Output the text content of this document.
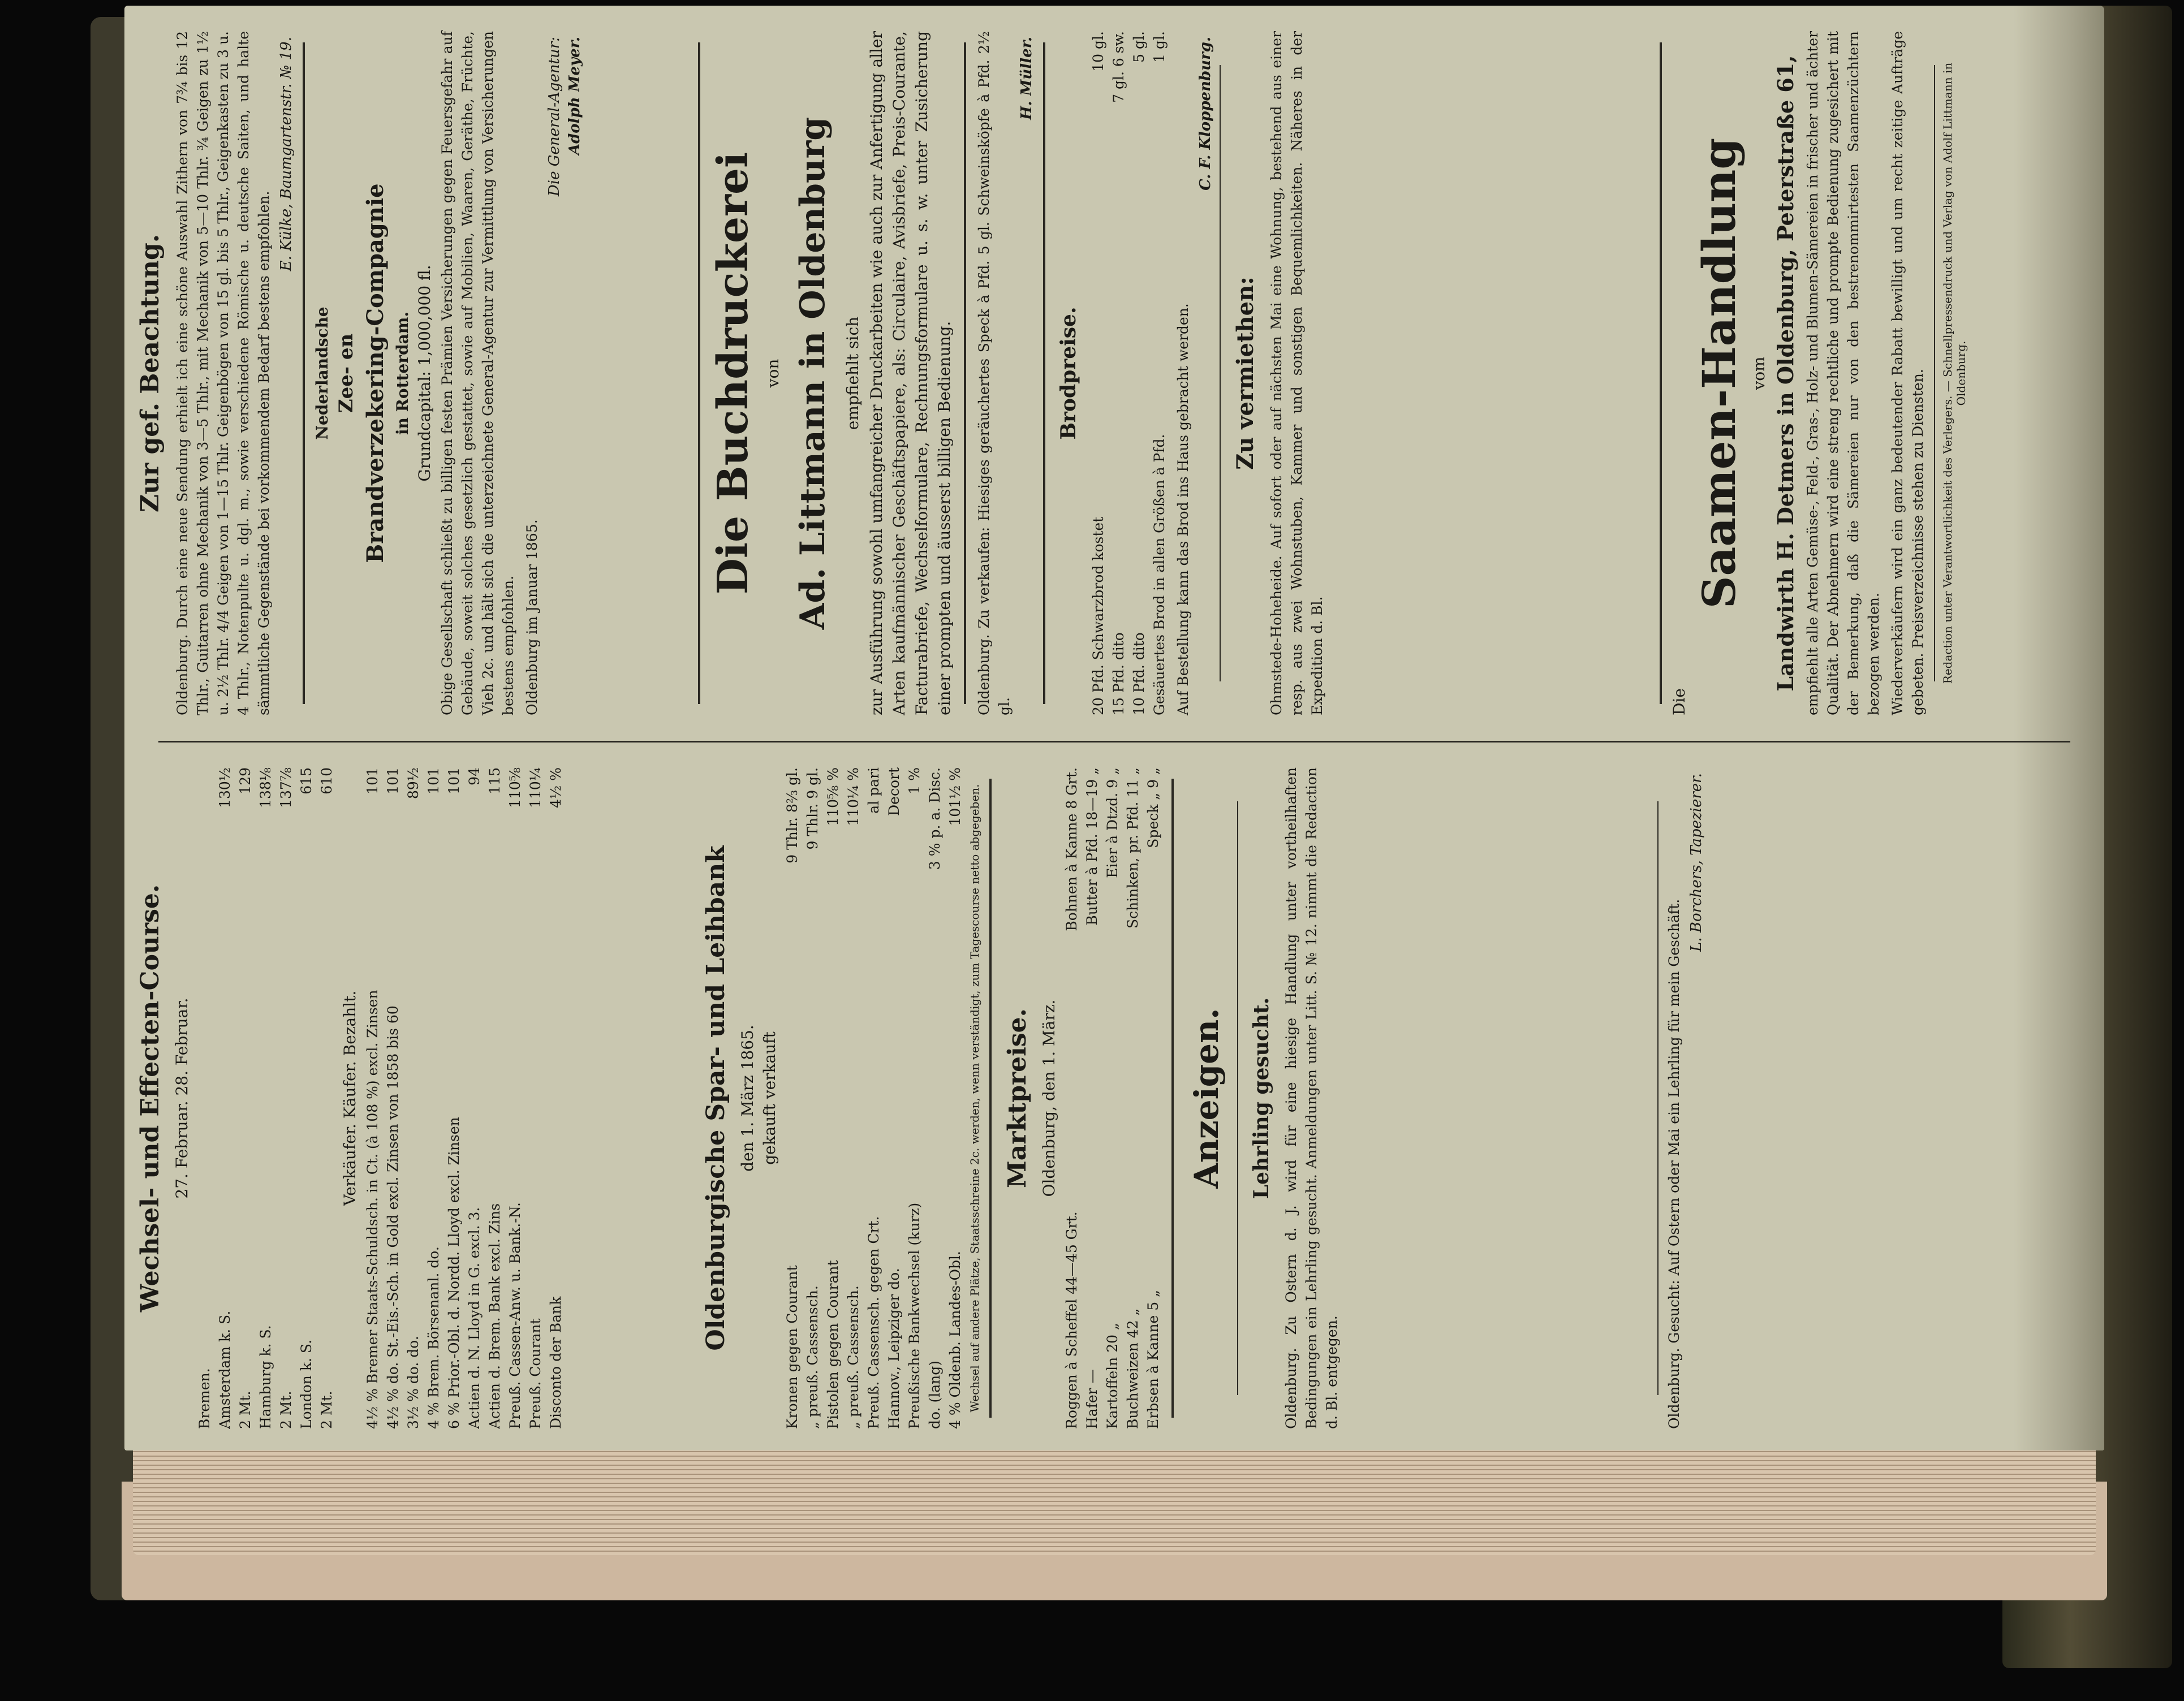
Wechsel- und Effecten-Course. 27. Februar. 28. Februar.
Bremen. Amsterdam k. S.
130½
2 Mt.
129
Hamburg k. S.
138⅛
2 Mt.
137⅞
London k. S.
615
2 Mt.
610
Verkäufer. Käufer. Bezahlt. 4½ % Bremer Staats-Schuldsch. in Ct. (à 108 %) excl. Zinsen
101
4½ % do. St.-Eis.-Sch. in Gold excl. Zinsen von 1858 bis 60
101
3½ % do. do.
89½
4 % Brem. Börsenanl. do.
101
6 % Prior.-Obl. d. Nordd. Lloyd excl. Zinsen
101
Actien d. N. Lloyd in G. excl. 3.
94
Actien d. Brem. Bank excl. Zins
115
Preuß. Cassen-Anw. u. Bank.-N.
110⅝
Preuß. Courant
110¼
Disconto der Bank
4½ %
Oldenburgische Spar- und Leihbank den 1. März 1865. gekauft verkauft
Kronen gegen Courant
9 Thlr. 8⅔ gl.
„ preuß. Cassensch.
9 Thlr. 9 gl.
Pistolen gegen Courant
110⅝ %
„ preuß. Cassensch.
110¼ %
Preuß. Cassensch. gegen Crt.
al pari
Hannov., Leipziger do.
Decort
Preußische Bankwechsel (kurz)
1 %
do. (lang)
3 % p. a. Disc.
4 % Oldenb. Landes-Obl.
101½ % Wechsel auf andere Plätze, Staatsschreine 2c. werden, wenn verständigt, zum Tagescourse netto abgegeben. Marktpreise. Oldenburg, den 1. März.
Roggen à Scheffel 44—45 Grt.
Bohnen à Kanne 8 Grt.
Hafer —
Butter à Pfd. 18—19 „
Kartoffeln 20 „
Eier à Dtzd. 9 „
Buchweizen 42 „
Schinken, pr. Pfd. 11 „
Erbsen à Kanne 5 „
Speck „ 9 „
Anzeigen. Lehrling gesucht. Oldenburg. Zu Ostern d. J. wird für eine hiesige Handlung unter vortheilhaften Bedingungen ein Lehrling gesucht. Anmeldungen unter Litt. S. № 12. nimmt die Redaction d. Bl. entgegen.	Oldenburg. Gesucht: Auf Ostern oder Mai ein Lehrling für mein Geschäft.
L. Borchers, Tapezierer.
Zur gef. Beachtung. Oldenburg. Durch eine neue Sendung erhielt ich eine schöne Auswahl Zithern von 7¾ bis 12 Thlr., Guitarren ohne Mechanik von 3—5 Thlr., mit Mechanik von 5—10 Thlr. ¾ Geigen zu 1½ u. 2½ Thlr. 4/4 Geigen von 1—15 Thlr. Geigenbögen von 15 gl. bis 5 Thlr., Geigenkasten zu 3 u. 4 Thlr., Notenpulte u. dgl. m., sowie verschiedene Römische u. deutsche Saiten, und halte sämmtliche Gegenstände bei vorkommendem Bedarf bestens empfohlen.
E. Külke, Baumgartenstr. № 19.
Nederlandsche Zee- en Brandverzekering-Compagnie in Rotterdam. Grundcapital: 1,000,000 fl. Obige Gesellschaft schließt zu billigen festen Prämien Versicherungen gegen Feuersgefahr auf Gebäude, soweit solches gesetzlich gestattet, sowie auf Mobilien, Waaren, Geräthe, Früchte, Vieh 2c. und hält sich die unterzeichnete General-Agentur zur Vermittlung von Versicherungen bestens empfohlen. Oldenburg im Januar 1865.
Die General-Agentur: Adolph Meyer.
Die Buchdruckerei von Ad. Littmann in Oldenburg empfiehlt sich zur Ausführung sowohl umfangreicher Druckarbeiten wie auch zur Anfertigung aller Arten kaufmännischer Geschäftspapiere, als: Circulaire, Avisbriefe, Preis-Courante, Facturabriefe, Wechselformulare, Rechnungsformulare u. s. w. unter Zusicherung einer prompten und äusserst billigen Bedienung. Oldenburg. Zu verkaufen: Hiesiges geräuchertes Speck à Pfd. 5 gl. Schweinsköpfe à Pfd. 2½ gl.
H. Müller.
Brodpreise.
20 Pfd. Schwarzbrod kostet
10 gl.
15 Pfd. dito
7 gl. 6 sw.
10 Pfd. dito
5 gl.
Gesäuertes Brod in allen Größen à Pfd.
1 gl.
Auf Bestellung kann das Brod ins Haus gebracht werden.
C. F. Kloppenburg.
Zu vermiethen: Ohmstede-Hoheheide. Auf sofort oder auf nächsten Mai eine Wohnung, bestehend aus einer resp. aus zwei Wohnstuben, Kammer und sonstigen Bequemlichkeiten. Näheres in der Expedition d. Bl.	Die
Saamen-Handlung vom Landwirth H. Detmers in Oldenburg, Peterstraße 61, empfiehlt alle Arten Gemüse-, Feld-, Gras-, Holz- und Blumen-Sämereien in frischer und ächter Qualität. Der Abnehmern wird eine streng rechtliche und prompte Bedienung zugesichert mit der Bemerkung, daß die Sämereien nur von den bestrenommirtesten Saamenzüchtern bezogen werden. Wiederverkäufern wird ein ganz bedeutender Rabatt bewilligt und um recht zeitige Aufträge gebeten. Preisverzeichnisse stehen zu Diensten. Redaction unter Verantwortlichkeit des Verlegers. — Schnellpressendruck und Verlag von Adolf Littmann in Oldenburg.
